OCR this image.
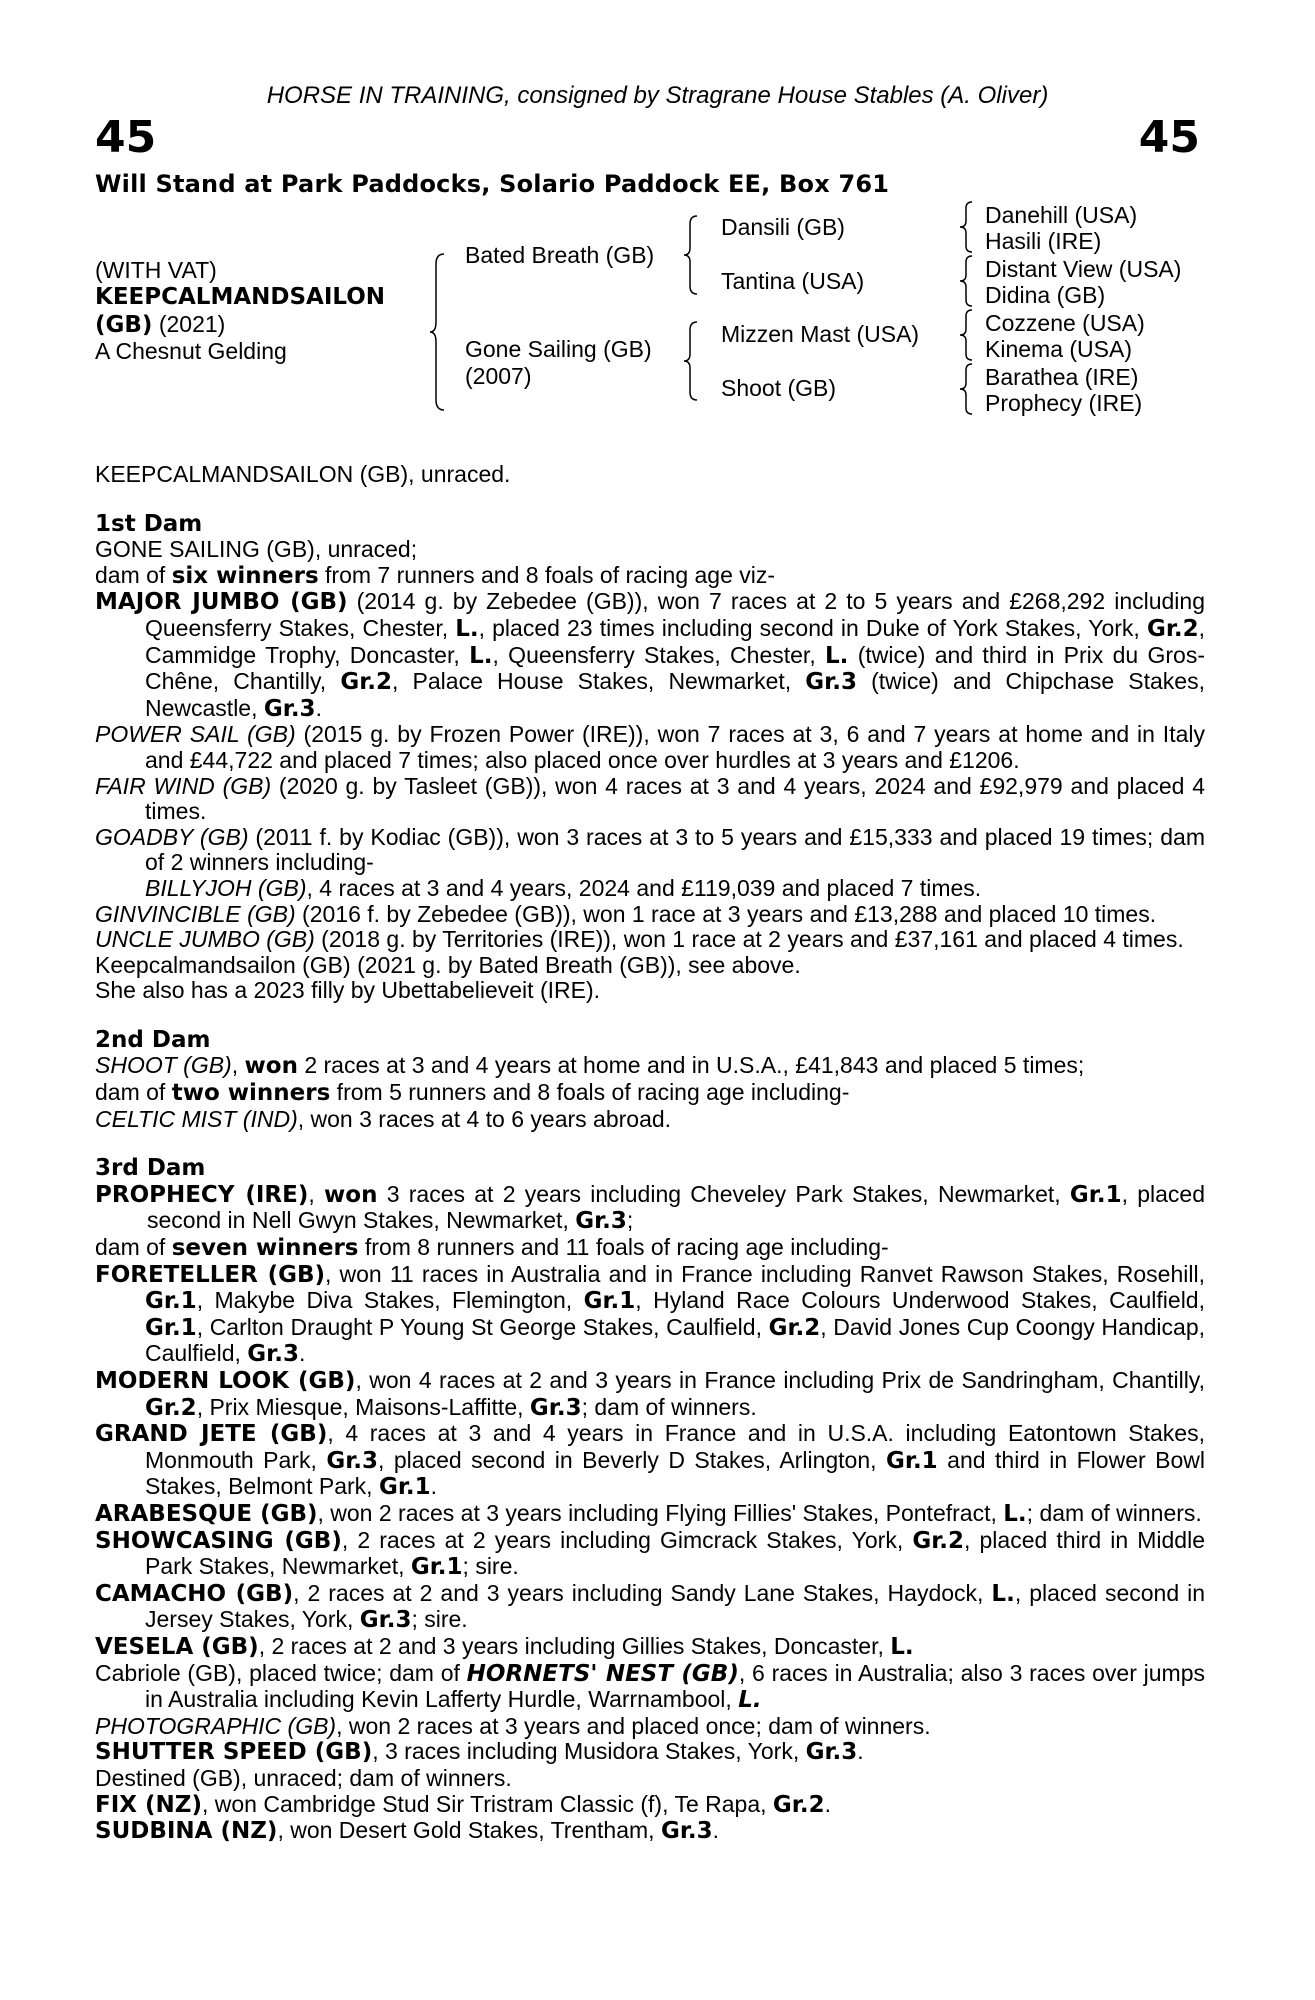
HORSE IN TRAINING, consigned by Stragrane House Stables (A. Oliver)
45	45
Will Stand at Park Paddocks, Solario Paddock EE, Box 761
(WITH VAT)
KEEPCALMANDSAILON
(GB) (2021)
A Chesnut Gelding
Bated Breath (GB)
Gone Sailing (GB)
(2007)
Dansili (GB)
Tantina (USA)
Mizzen Mast (USA)
Shoot (GB)
Danehill (USA)
Hasili (IRE)
Distant View (USA)
Didina (GB)
Cozzene (USA)
Kinema (USA)
Barathea (IRE)
Prophecy (IRE)

KEEPCALMANDSAILON (GB), unraced.

1st Dam

GONE SAILING (GB), unraced;

dam of six winners from 7 runners and 8 foals of racing age viz-

MAJOR JUMBO (GB) (2014 g. by Zebedee (GB)), won 7 races at 2 to 5 years and £268,292 including Queensferry Stakes, Chester, L., placed 23 times including second in Duke of York Stakes, York, Gr.2, Cammidge Trophy, Doncaster, L., Queensferry Stakes, Chester, L. (twice) and third in Prix du Gros-Chêne, Chantilly, Gr.2, Palace House Stakes, Newmarket, Gr.3 (twice) and Chipchase Stakes, Newcastle, Gr.3.

POWER SAIL (GB) (2015 g. by Frozen Power (IRE)), won 7 races at 3, 6 and 7 years at home and in Italy and £44,722 and placed 7 times; also placed once over hurdles at 3 years and £1206.

FAIR WIND (GB) (2020 g. by Tasleet (GB)), won 4 races at 3 and 4 years, 2024 and £92,979 and placed 4 times.

GOADBY (GB) (2011 f. by Kodiac (GB)), won 3 races at 3 to 5 years and £15,333 and placed 19 times; dam of 2 winners including-

BILLYJOH (GB), 4 races at 3 and 4 years, 2024 and £119,039 and placed 7 times.

GINVINCIBLE (GB) (2016 f. by Zebedee (GB)), won 1 race at 3 years and £13,288 and placed 10 times.

UNCLE JUMBO (GB) (2018 g. by Territories (IRE)), won 1 race at 2 years and £37,161 and placed 4 times.

Keepcalmandsailon (GB) (2021 g. by Bated Breath (GB)), see above.

She also has a 2023 filly by Ubettabelieveit (IRE).

2nd Dam

SHOOT (GB), won 2 races at 3 and 4 years at home and in U.S.A., £41,843 and placed 5 times;

dam of two winners from 5 runners and 8 foals of racing age including-

CELTIC MIST (IND), won 3 races at 4 to 6 years abroad.

3rd Dam

PROPHECY (IRE), won 3 races at 2 years including Cheveley Park Stakes, Newmarket, Gr.1, placed second in Nell Gwyn Stakes, Newmarket, Gr.3;

dam of seven winners from 8 runners and 11 foals of racing age including-

FORETELLER (GB), won 11 races in Australia and in France including Ranvet Rawson Stakes, Rosehill, Gr.1, Makybe Diva Stakes, Flemington, Gr.1, Hyland Race Colours Underwood Stakes, Caulfield, Gr.1, Carlton Draught P Young St George Stakes, Caulfield, Gr.2, David Jones Cup Coongy Handicap, Caulfield, Gr.3.

MODERN LOOK (GB), won 4 races at 2 and 3 years in France including Prix de Sandringham, Chantilly, Gr.2, Prix Miesque, Maisons-Laffitte, Gr.3; dam of winners.

GRAND JETE (GB), 4 races at 3 and 4 years in France and in U.S.A. including Eatontown Stakes, Monmouth Park, Gr.3, placed second in Beverly D Stakes, Arlington, Gr.1 and third in Flower Bowl Stakes, Belmont Park, Gr.1.

ARABESQUE (GB), won 2 races at 3 years including Flying Fillies' Stakes, Pontefract, L.; dam of winners.

SHOWCASING (GB), 2 races at 2 years including Gimcrack Stakes, York, Gr.2, placed third in Middle Park Stakes, Newmarket, Gr.1; sire.

CAMACHO (GB), 2 races at 2 and 3 years including Sandy Lane Stakes, Haydock, L., placed second in Jersey Stakes, York, Gr.3; sire.

VESELA (GB), 2 races at 2 and 3 years including Gillies Stakes, Doncaster, L.

Cabriole (GB), placed twice; dam of HORNETS' NEST (GB), 6 races in Australia; also 3 races over jumps in Australia including Kevin Lafferty Hurdle, Warrnambool, L.

PHOTOGRAPHIC (GB), won 2 races at 3 years and placed once; dam of winners.

SHUTTER SPEED (GB), 3 races including Musidora Stakes, York, Gr.3.

Destined (GB), unraced; dam of winners.

FIX (NZ), won Cambridge Stud Sir Tristram Classic (f), Te Rapa, Gr.2.

SUDBINA (NZ), won Desert Gold Stakes, Trentham, Gr.3.
